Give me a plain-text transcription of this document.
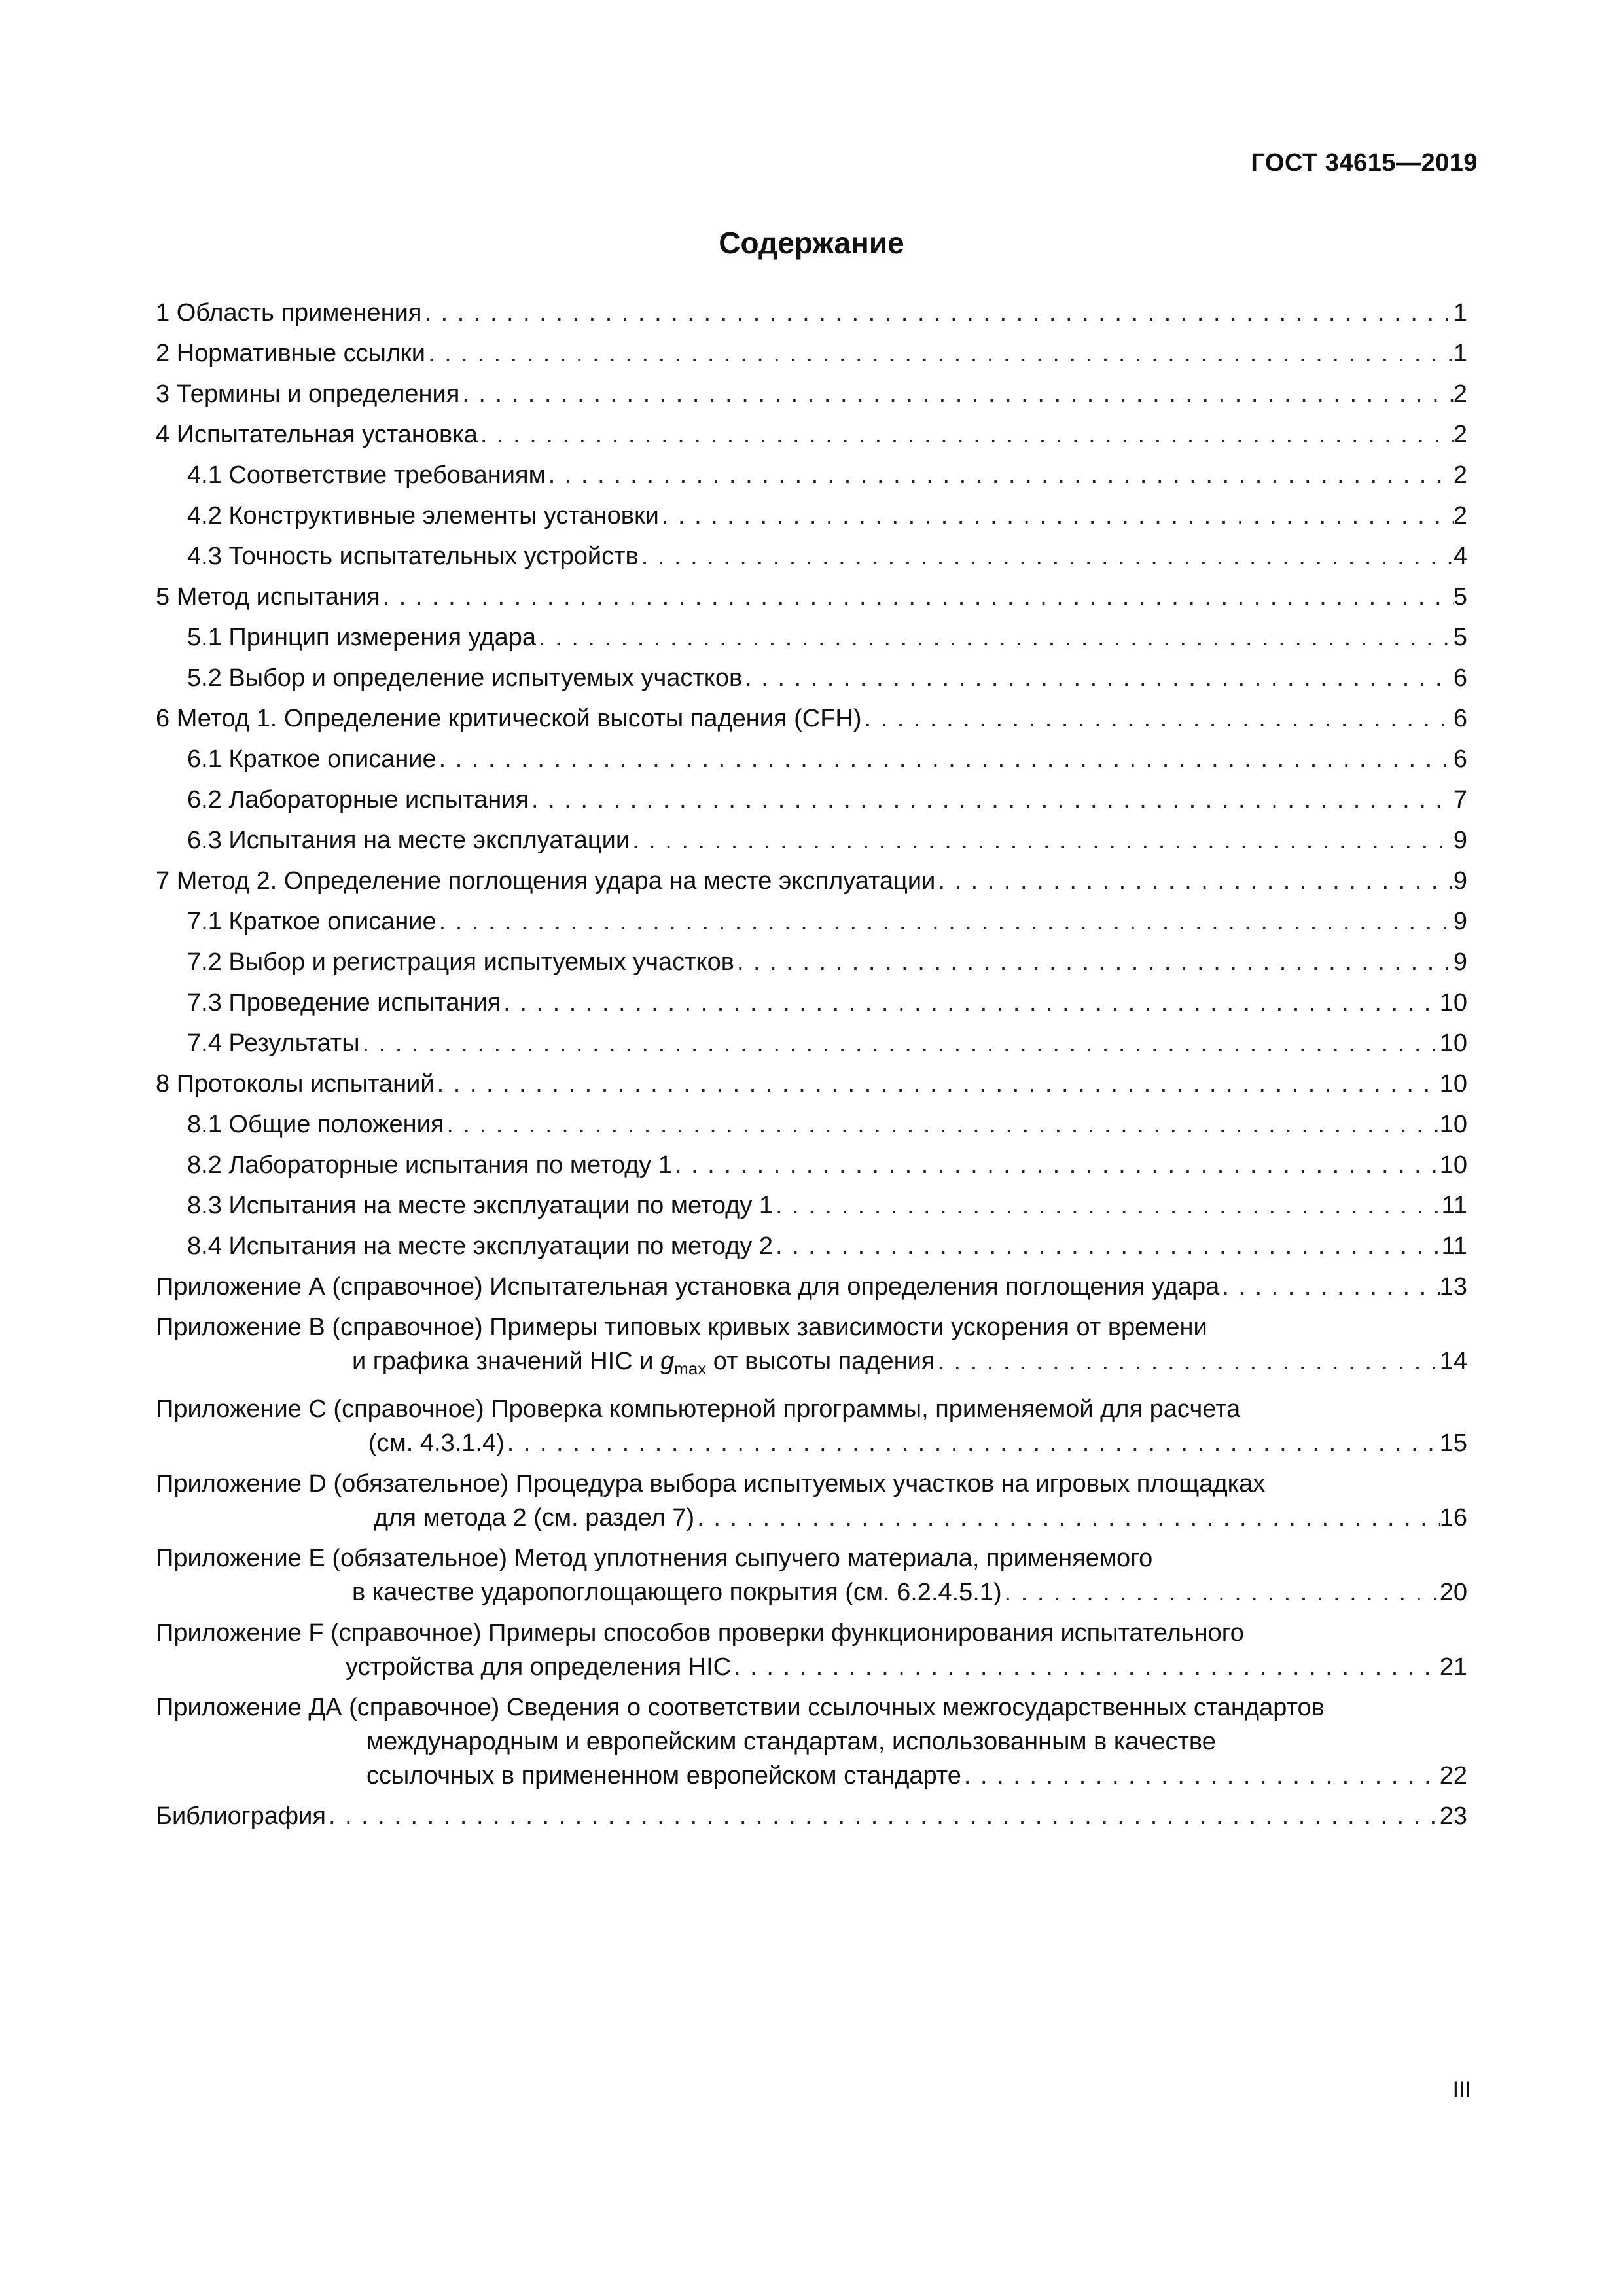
ГОСТ 34615—2019
Содержание
1 Область применения . . .	1
2 Нормативные ссылки . . .	1
3 Термины и определения . . .	2
4 Испытательная установка . . .	2
4.1 Соответствие требованиям . . .	2
4.2 Конструктивные элементы установки . . .	2
4.3 Точность испытательных устройств . . .	4
5 Метод испытания . . .	5
5.1 Принцип измерения удара . . .	5
5.2 Выбор и определение испытуемых участков . . .	6
6 Метод 1. Определение критической высоты падения (CFH) . . .	6
6.1 Краткое описание . . .	6
6.2 Лабораторные испытания . . .	7
6.3 Испытания на месте эксплуатации . . .	9
7 Метод 2. Определение поглощения удара на месте эксплуатации . . .	9
7.1 Краткое описание . . .	9
7.2 Выбор и регистрация испытуемых участков . . .	9
7.3 Проведение испытания . . .	10
7.4 Результаты . . .	10
8 Протоколы испытаний . . .	10
8.1 Общие положения . . .	10
8.2 Лабораторные испытания по методу 1 . . .	10
8.3 Испытания на месте эксплуатации по методу 1 . . .	11
8.4 Испытания на месте эксплуатации по методу 2 . . .	11
Приложение А (справочное) Испытательная установка для определения поглощения удара . . .	13
Приложение В (справочное) Примеры типовых кривых зависимости ускорения от времени
и графика значений HIC и $g_{max}$ от высоты падения . . .	14
Приложение С (справочное) Проверка компьютерной пргограммы, применяемой для расчета
(см. 4.3.1.4) . . .	15
Приложение D (обязательное) Процедура выбора испытуемых участков на игровых площадках
для метода 2 (см. раздел 7) . . .	16
Приложение E (обязательное) Метод уплотнения сыпучего материала, применяемого
в качестве ударопоглощающего покрытия (см. 6.2.4.5.1) . . .	20
Приложение F (справочное) Примеры способов проверки функционирования испытательного
устройства для определения HIC . . .	21
Приложение ДА (справочное) Сведения о соответствии ссылочных межгосударственных стандартов
международным и европейским стандартам, использованным в качестве
ссылочных в примененном европейском стандарте . . .	22
Библиография . . .	23
III
